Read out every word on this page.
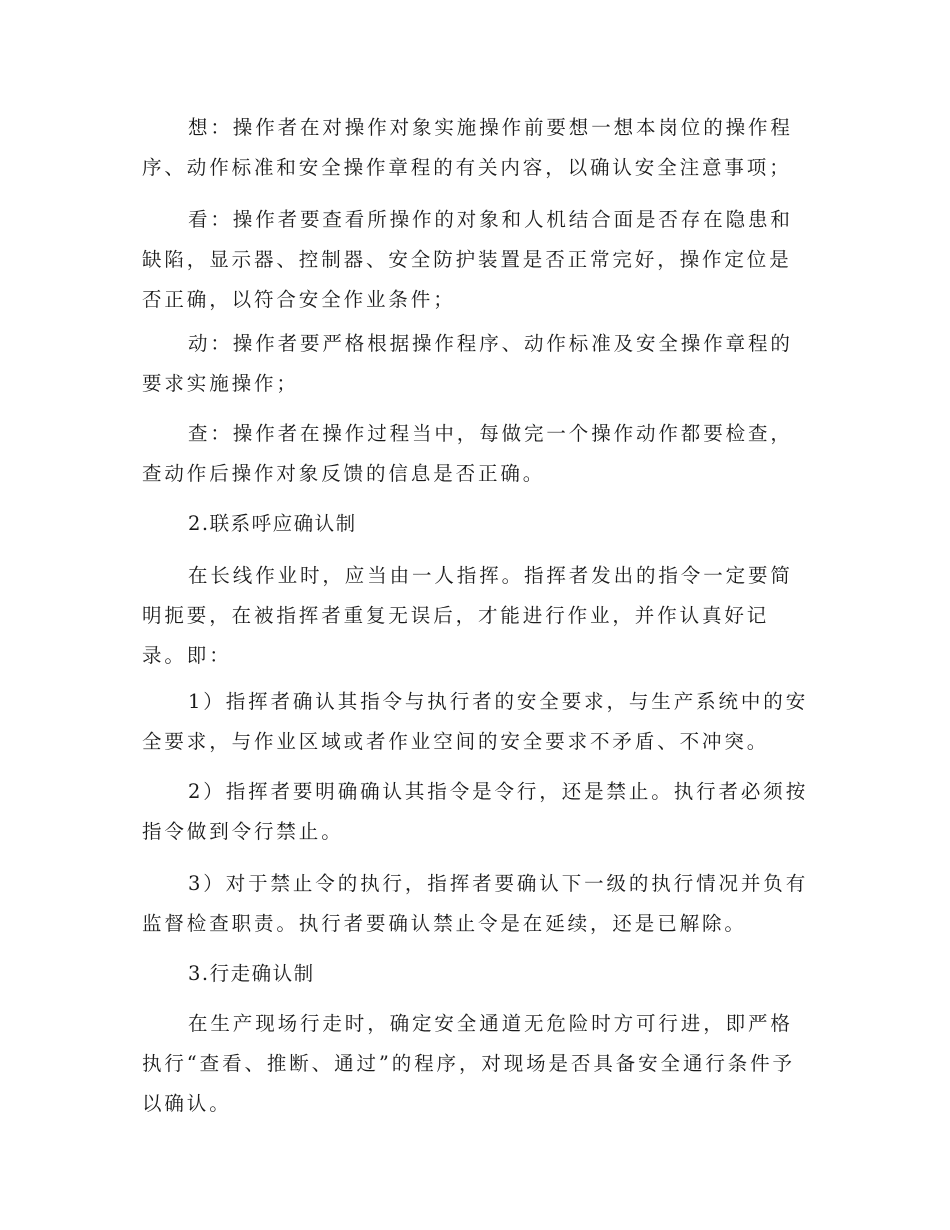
想：操作者在对操作对象实施操作前要想一想本岗位的操作程序、动作标准和安全操作章程的有关内容，以确认安全注意事项；

看：操作者要查看所操作的对象和人机结合面是否存在隐患和缺陷，显示器、控制器、安全防护装置是否正常完好，操作定位是否正确，以符合安全作业条件；

动：操作者要严格根据操作程序、动作标准及安全操作章程的要求实施操作；

查：操作者在操作过程当中，每做完一个操作动作都要检查，查动作后操作对象反馈的信息是否正确。

2.联系呼应确认制

在长线作业时，应当由一人指挥。指挥者发出的指令一定要简明扼要，在被指挥者重复无误后，才能进行作业，并作认真好记录。即：

1）指挥者确认其指令与执行者的安全要求，与生产系统中的安全要求，与作业区域或者作业空间的安全要求不矛盾、不冲突。

2）指挥者要明确确认其指令是令行，还是禁止。执行者必须按指令做到令行禁止。

3）对于禁止令的执行，指挥者要确认下一级的执行情况并负有监督检查职责。执行者要确认禁止令是在延续，还是已解除。

3.行走确认制

在生产现场行走时，确定安全通道无危险时方可行进，即严格执行“查看、推断、通过”的程序，对现场是否具备安全通行条件予以确认。
